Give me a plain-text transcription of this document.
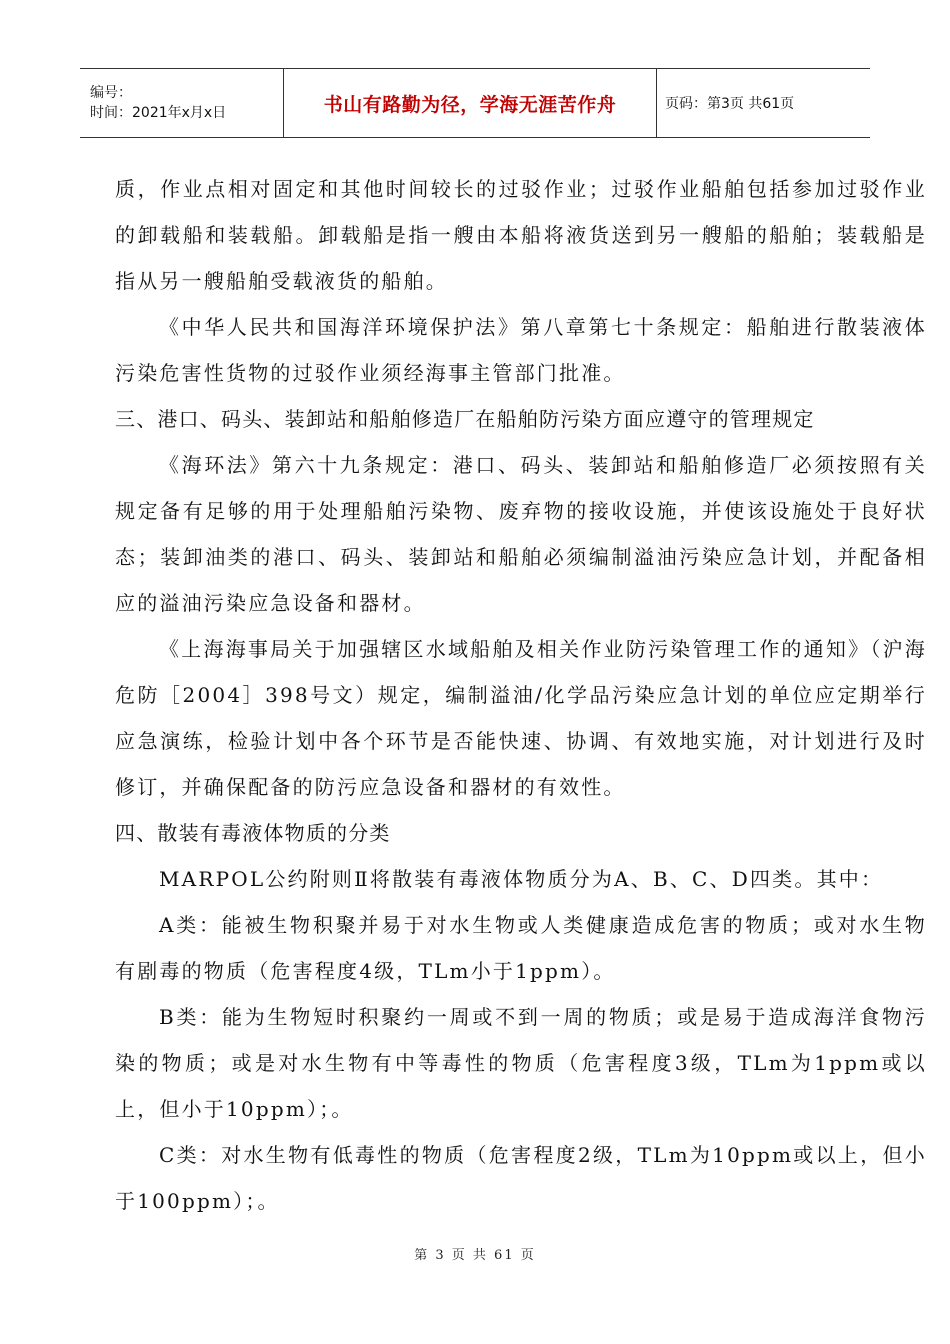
编号：
时间：2021年x月x日	书山有路勤为径，学海无涯苦作舟	页码：第3页 共61页

质，作业点相对固定和其他时间较长的过驳作业；过驳作业船舶包括参加过驳作业的卸载船和装载船。卸载船是指一艘由本船将液货送到另一艘船的船舶；装载船是指从另一艘船舶受载液货的船舶。

《中华人民共和国海洋环境保护法》第八章第七十条规定：船舶进行散装液体污染危害性货物的过驳作业须经海事主管部门批准。

三、港口、码头、装卸站和船舶修造厂在船舶防污染方面应遵守的管理规定

《海环法》第六十九条规定：港口、码头、装卸站和船舶修造厂必须按照有关规定备有足够的用于处理船舶污染物、废弃物的接收设施，并使该设施处于良好状态；装卸油类的港口、码头、装卸站和船舶必须编制溢油污染应急计划，并配备相应的溢油污染应急设备和器材。

《上海海事局关于加强辖区水域船舶及相关作业防污染管理工作的通知》（沪海危防［2004］398号文）规定，编制溢油/化学品污染应急计划的单位应定期举行应急演练，检验计划中各个环节是否能快速、协调、有效地实施，对计划进行及时修订，并确保配备的防污应急设备和器材的有效性。

四、散装有毒液体物质的分类

MARPOL公约附则Ⅱ将散装有毒液体物质分为A、B、C、D四类。其中：

A类：能被生物积聚并易于对水生物或人类健康造成危害的物质；或对水生物有剧毒的物质（危害程度4级，TLm小于1ppm）。

B类：能为生物短时积聚约一周或不到一周的物质；或是易于造成海洋食物污染的物质；或是对水生物有中等毒性的物质（危害程度3级，TLm为1ppm或以上，但小于10ppm）；。

C类：对水生物有低毒性的物质（危害程度2级，TLm为10ppm或以上，但小于100ppm）；。

第 3 页 共 61 页
